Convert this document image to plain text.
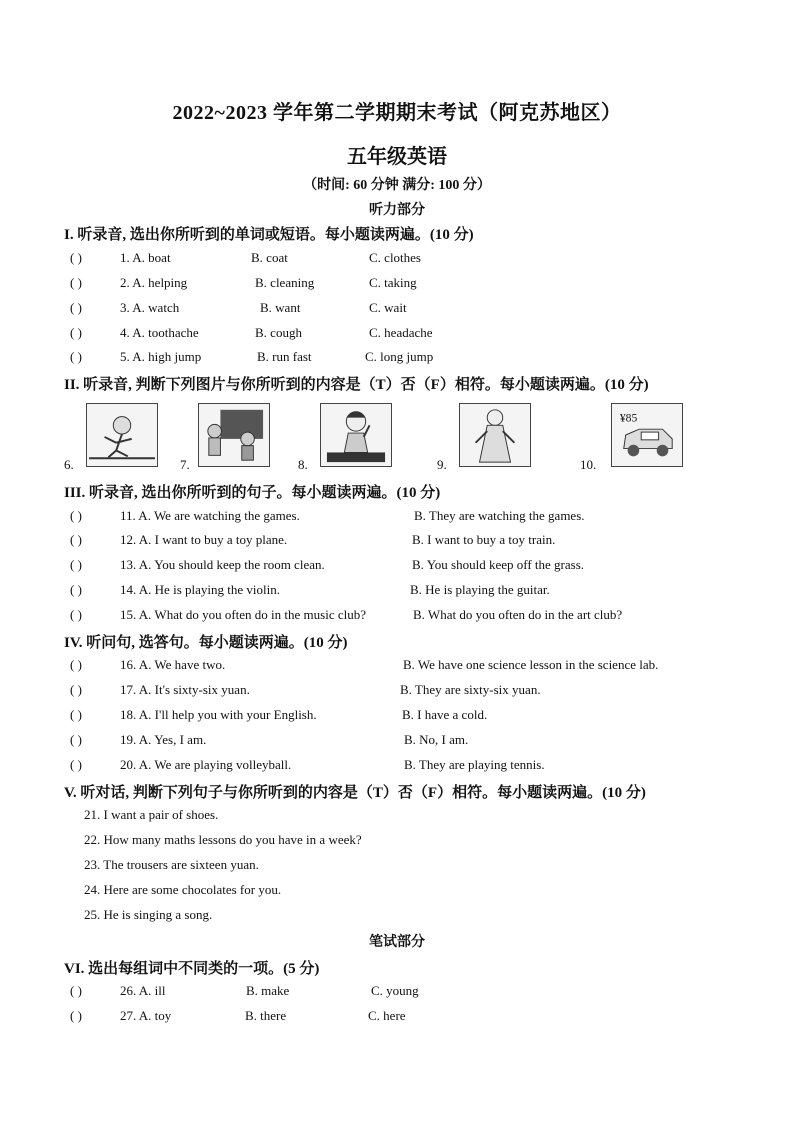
2022~2023 学年第二学期期末考试（阿克苏地区）
五年级英语
（时间: 60 分钟 满分: 100 分）
听力部分
I. 听录音, 选出你所听到的单词或短语。每小题读两遍。(10 分)
( )	1. A. boat	B. coat	C. clothes
( )	2. A. helping	B. cleaning	C. taking
( )	3. A. watch	B. want	C. wait
( )	4. A. toothache	B. cough	C. headache
( )	5. A. high jump	B. run fast	C. long jump
II. 听录音, 判断下列图片与你所听到的内容是（T）否（F）相符。每小题读两遍。(10 分)
6.	7.	8.	9.	10.
¥85
III. 听录音, 选出你所听到的句子。每小题读两遍。(10 分)
( )	11. A. We are watching the games.	B. They are watching the games.
( )	12. A. I want to buy a toy plane.	B. I want to buy a toy train.
( )	13. A. You should keep the room clean.	B. You should keep off the grass.
( )	14. A. He is playing the violin.	B. He is playing the guitar.
( )	15. A. What do you often do in the music club?	B. What do you often do in the art club?
IV. 听问句, 选答句。每小题读两遍。(10 分)
( )	16. A. We have two.	B. We have one science lesson in the science lab.
( )	17. A. It's sixty-six yuan.	B. They are sixty-six yuan.
( )	18. A. I'll help you with your English.	B. I have a cold.
( )	19. A. Yes, I am.	B. No, I am.
( )	20. A. We are playing volleyball.	B. They are playing tennis.
V. 听对话, 判断下列句子与你所听到的内容是（T）否（F）相符。每小题读两遍。(10 分)
21. I want a pair of shoes.
22. How many maths lessons do you have in a week?
23. The trousers are sixteen yuan.
24. Here are some chocolates for you.
25. He is singing a song.
笔试部分
VI. 选出每组词中不同类的一项。(5 分)
( )	26. A. ill	B. make	C. young
( )	27. A. toy	B. there	C. here
